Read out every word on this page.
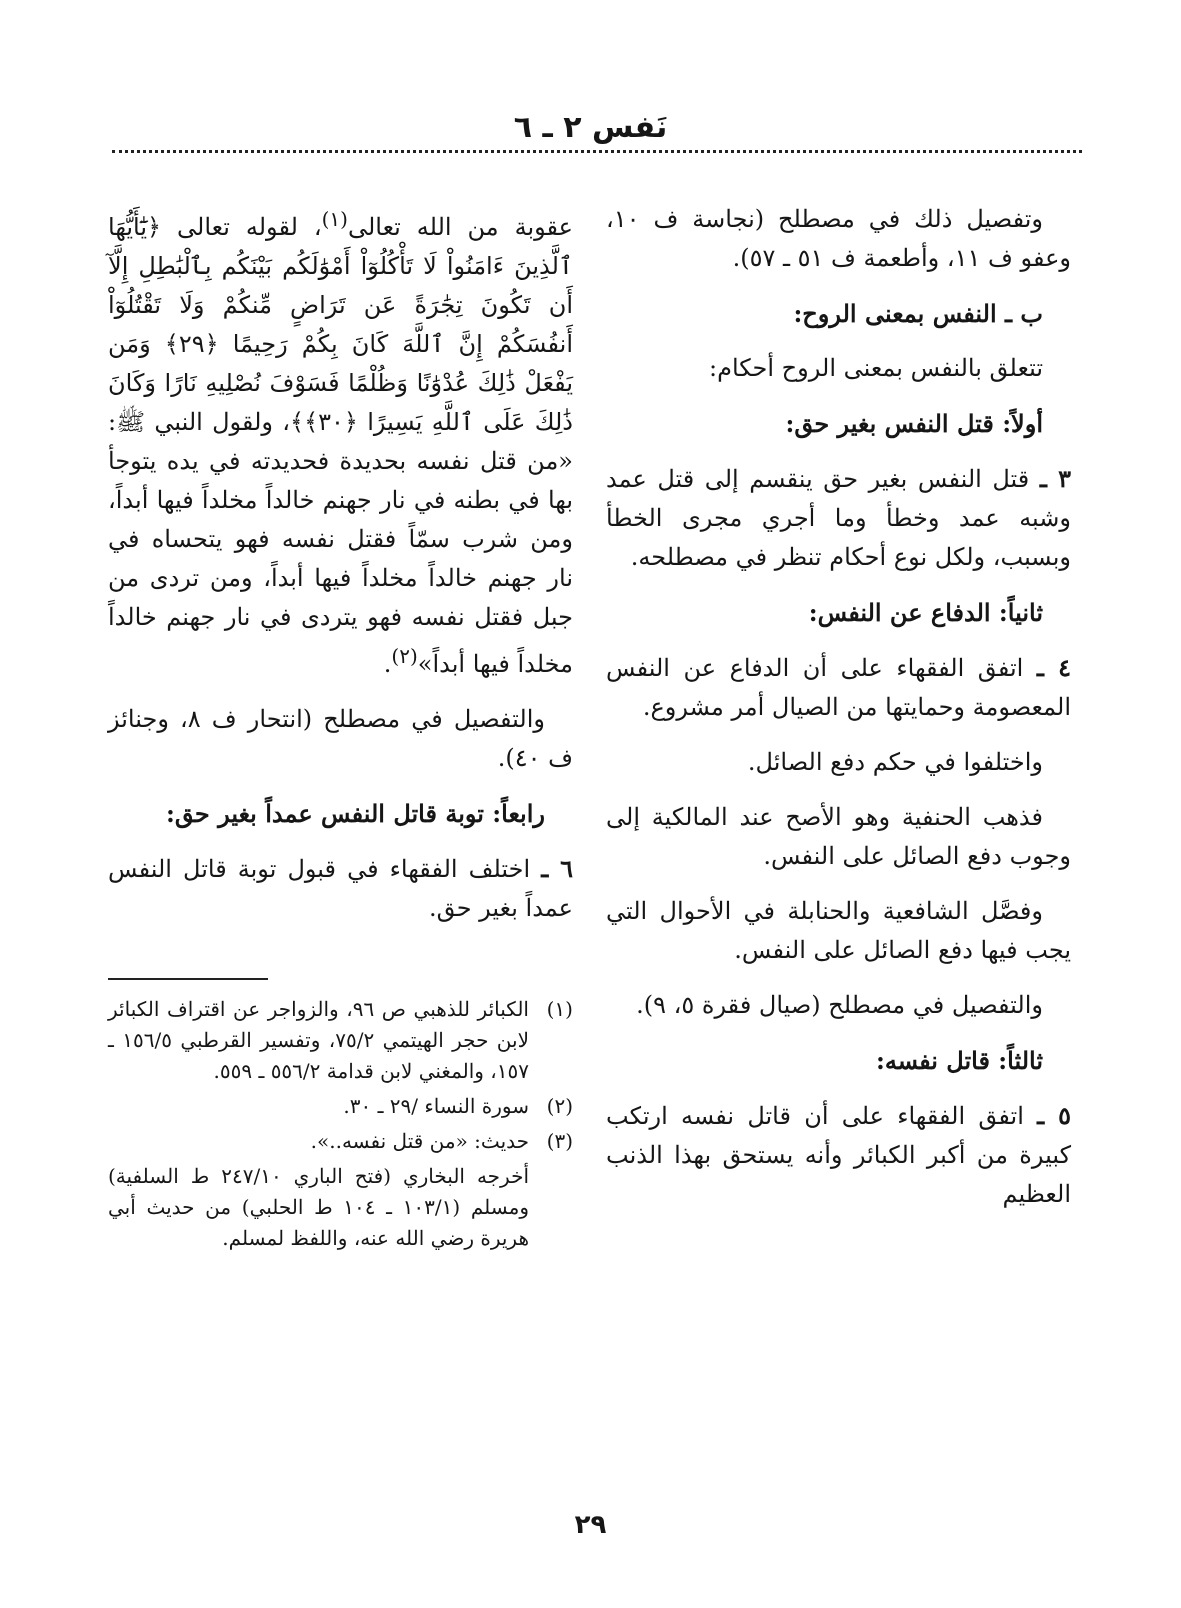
نَفس ٢ ـ ٦

وتفصيل ذلك في مصطلح (نجاسة ف ١٠، وعفو ف ١١، وأطعمة ف ٥١ ـ ٥٧).

ب ـ النفس بمعنى الروح:

تتعلق بالنفس بمعنى الروح أحكام:

أولاً: قتل النفس بغير حق:

٣ ـ قتل النفس بغير حق ينقسم إلى قتل عمد وشبه عمد وخطأ وما أجري مجرى الخطأ وبسبب، ولكل نوع أحكام تنظر في مصطلحه.

ثانياً: الدفاع عن النفس:

٤ ـ اتفق الفقهاء على أن الدفاع عن النفس المعصومة وحمايتها من الصيال أمر مشروع.

واختلفوا في حكم دفع الصائل.

فذهب الحنفية وهو الأصح عند المالكية إلى وجوب دفع الصائل على النفس.

وفصَّل الشافعية والحنابلة في الأحوال التي يجب فيها دفع الصائل على النفس.

والتفصيل في مصطلح (صيال فقرة ٥، ٩).

ثالثاً: قاتل نفسه:

٥ ـ اتفق الفقهاء على أن قاتل نفسه ارتكب كبيرة من أكبر الكبائر وأنه يستحق بهذا الذنب العظيم

عقوبة من الله تعالى$^{(١)}$، لقوله تعالى ﴿يَٰٓأَيُّهَا ٱلَّذِينَ ءَامَنُواْ لَا تَأْكُلُوٓاْ أَمْوَٰلَكُم بَيْنَكُم بِٱلْبَٰطِلِ إِلَّآ أَن تَكُونَ تِجَٰرَةً عَن تَرَاضٍ مِّنكُمْ وَلَا تَقْتُلُوٓاْ أَنفُسَكُمْ إِنَّ ٱللَّهَ كَانَ بِكُمْ رَحِيمًا ﴿٢٩﴾ وَمَن يَفْعَلْ ذَٰلِكَ عُدْوَٰنًا وَظُلْمًا فَسَوْفَ نُصْلِيهِ نَارًا وَكَانَ ذَٰلِكَ عَلَى ٱللَّهِ يَسِيرًا ﴿٣٠﴾﴾، ولقول النبي ﷺ: «من قتل نفسه بحديدة فحديدته في يده يتوجأ بها في بطنه في نار جهنم خالداً مخلداً فيها أبداً، ومن شرب سمّاً فقتل نفسه فهو يتحساه في نار جهنم خالداً مخلداً فيها أبداً، ومن تردى من جبل فقتل نفسه فهو يتردى في نار جهنم خالداً مخلداً فيها أبداً»$^{(٢)}$.

والتفصيل في مصطلح (انتحار ف ٨، وجنائز ف ٤٠).

رابعاً: توبة قاتل النفس عمداً بغير حق:

٦ ـ اختلف الفقهاء في قبول توبة قاتل النفس عمداً بغير حق.

(١)الكبائر للذهبي ص ٩٦، والزواجر عن اقتراف الكبائر لابن حجر الهيتمي ٧٥/٢، وتفسير القرطبي ١٥٦/٥ ـ ١٥٧، والمغني لابن قدامة ٥٥٦/٢ ـ ٥٥٩.

(٢)سورة النساء /٢٩ ـ ٣٠.

(٣)حديث: «من قتل نفسه..».

أخرجه البخاري (فتح الباري ٢٤٧/١٠ ط السلفية) ومسلم (١٠٣/١ ـ ١٠٤ ط الحلبي) من حديث أبي هريرة رضي الله عنه، واللفظ لمسلم.

٢٩
